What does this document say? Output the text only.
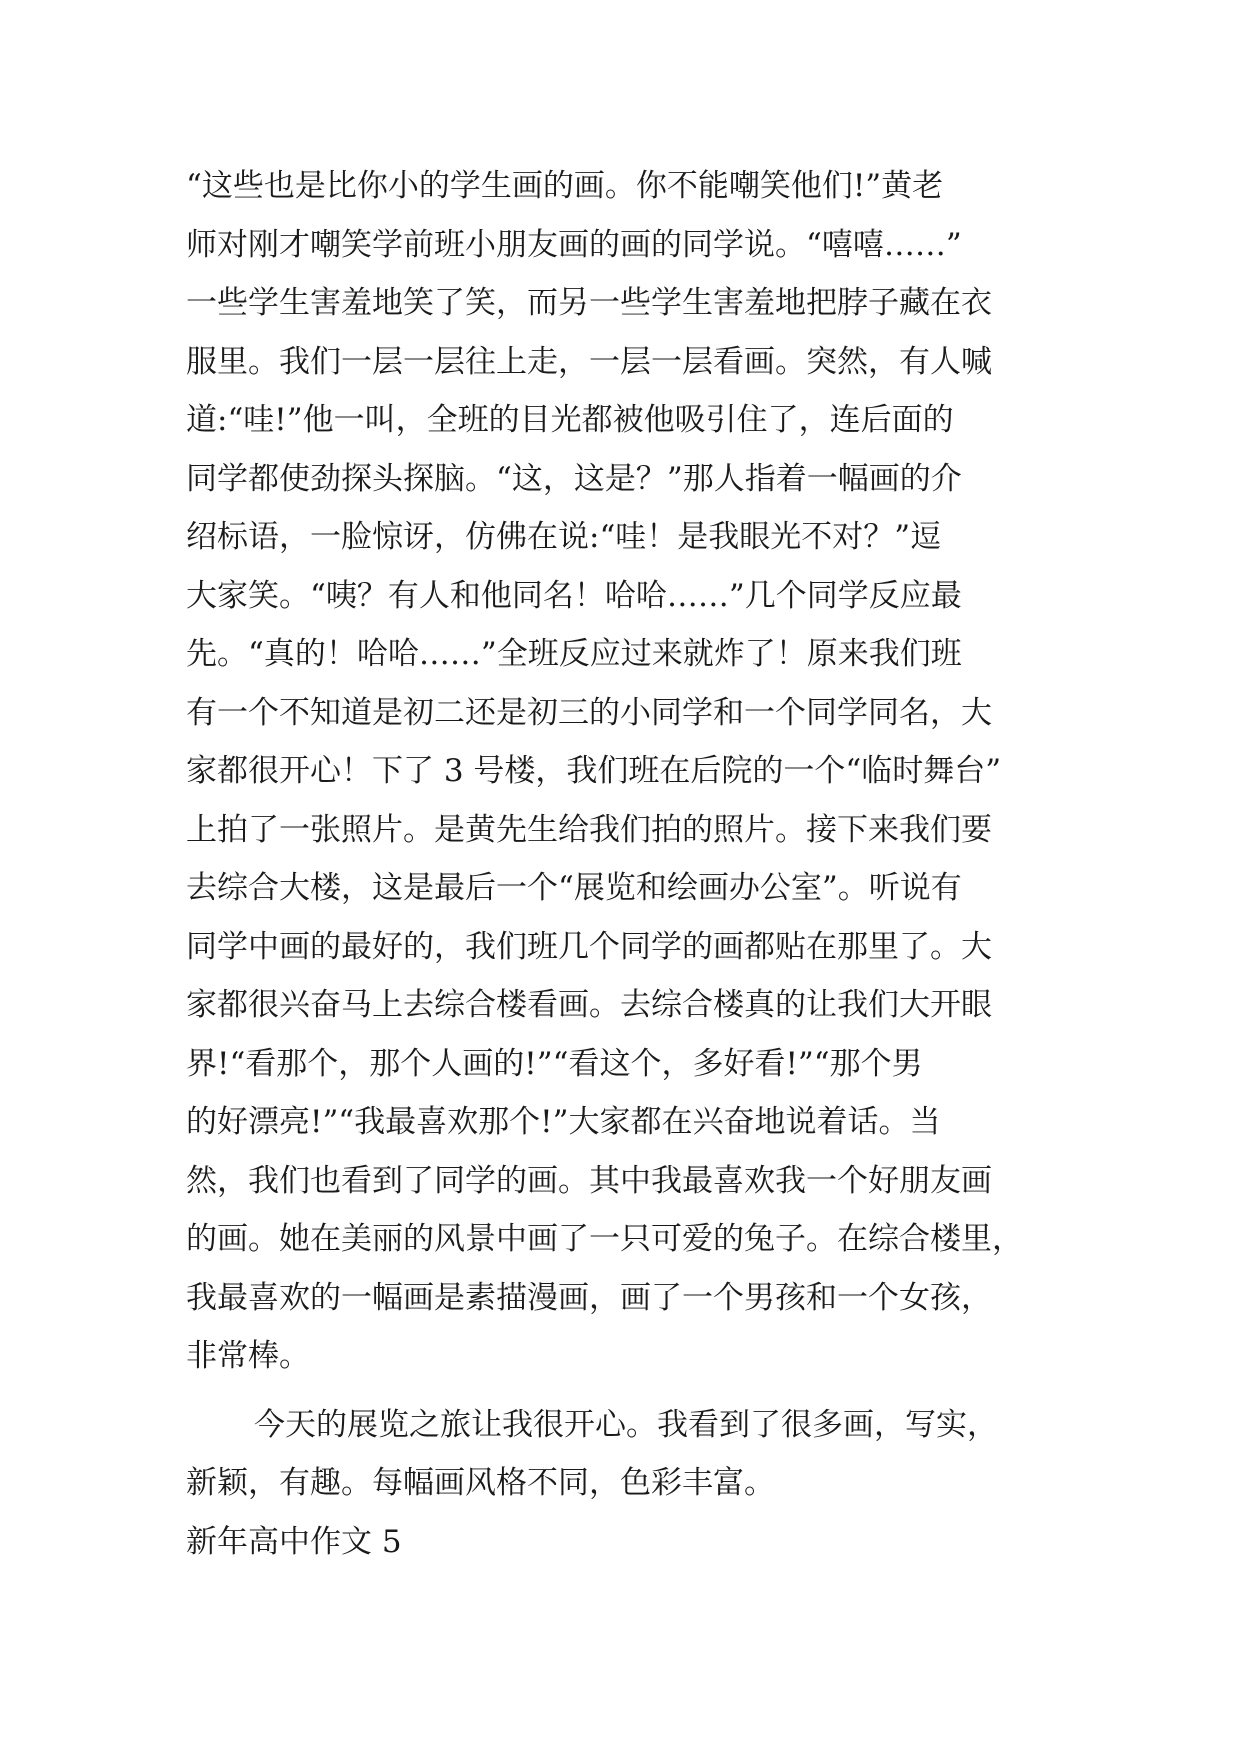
“这些也是比你小的学生画的画。你不能嘲笑他们!”黄老
师对刚才嘲笑学前班小朋友画的画的同学说。“嘻嘻……”
一些学生害羞地笑了笑，而另一些学生害羞地把脖子藏在衣
服里。我们一层一层往上走，一层一层看画。突然，有人喊
道:“哇!”他一叫，全班的目光都被他吸引住了，连后面的
同学都使劲探头探脑。“这，这是？”那人指着一幅画的介
绍标语，一脸惊讶，仿佛在说:“哇！是我眼光不对？”逗
大家笑。“咦？有人和他同名！哈哈……”几个同学反应最
先。“真的！哈哈……”全班反应过来就炸了！原来我们班
有一个不知道是初二还是初三的小同学和一个同学同名，大
家都很开心！下了 3 号楼，我们班在后院的一个“临时舞台”
上拍了一张照片。是黄先生给我们拍的照片。接下来我们要
去综合大楼，这是最后一个“展览和绘画办公室”。听说有
同学中画的最好的，我们班几个同学的画都贴在那里了。大
家都很兴奋马上去综合楼看画。去综合楼真的让我们大开眼
界!“看那个，那个人画的!”“看这个，多好看!”“那个男
的好漂亮!”“我最喜欢那个!”大家都在兴奋地说着话。当
然，我们也看到了同学的画。其中我最喜欢我一个好朋友画
的画。她在美丽的风景中画了一只可爱的兔子。在综合楼里，
我最喜欢的一幅画是素描漫画，画了一个男孩和一个女孩，
非常棒。
今天的展览之旅让我很开心。我看到了很多画，写实，
新颖，有趣。每幅画风格不同，色彩丰富。
新年高中作文 5
